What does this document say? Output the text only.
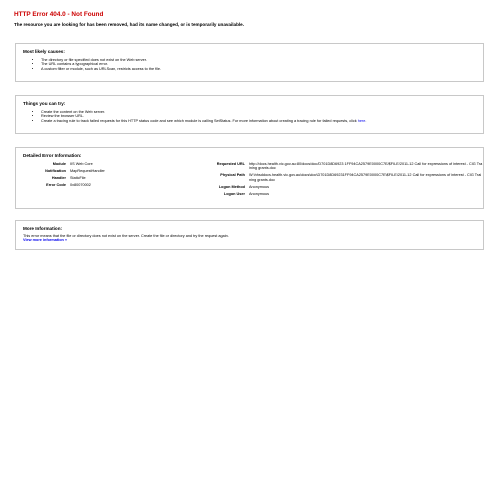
HTTP Error 404.0 - Not Found
The resource you are looking for has been removed, had its name changed, or is temporarily unavailable.
Most likely causes:
• The directory or file specified does not exist on the Web server.
• The URL contains a typographical error.
• A custom filter or module, such as URLScan, restricts access to the file.
Things you can try:
• Create the content on the Web server.
• Review the browser URL.
• Create a tracing rule to track failed requests for this HTTP status code and see which module is calling SetStatus. For more information about creating a tracing rule for failed requests, click here.
Detailed Error Information:
Module	IIS Web Core
Notification	MapRequestHandler
Handler	StaticFile
Error Code	0x80070002
Requested URL	http://docs.health.vic.gov.au:80/docs/doc/D701D8D6923 1FF94CA2579E0000C7E/$FILE/2011-12 Call for expressions of interest - CIG Training grants.doc
Physical Path	W:\hhsddocs.health.vic.gov.au\docs\doc\D701D8D69231FF94CA2579E0000C7E\$FILE\2011-12 Call for expressions of interest - CIG Training grants.doc
Logon Method	Anonymous
Logon User	Anonymous
More Information:

This error means that the file or directory does not exist on the server. Create the file or directory and try the request again.

View more information »
